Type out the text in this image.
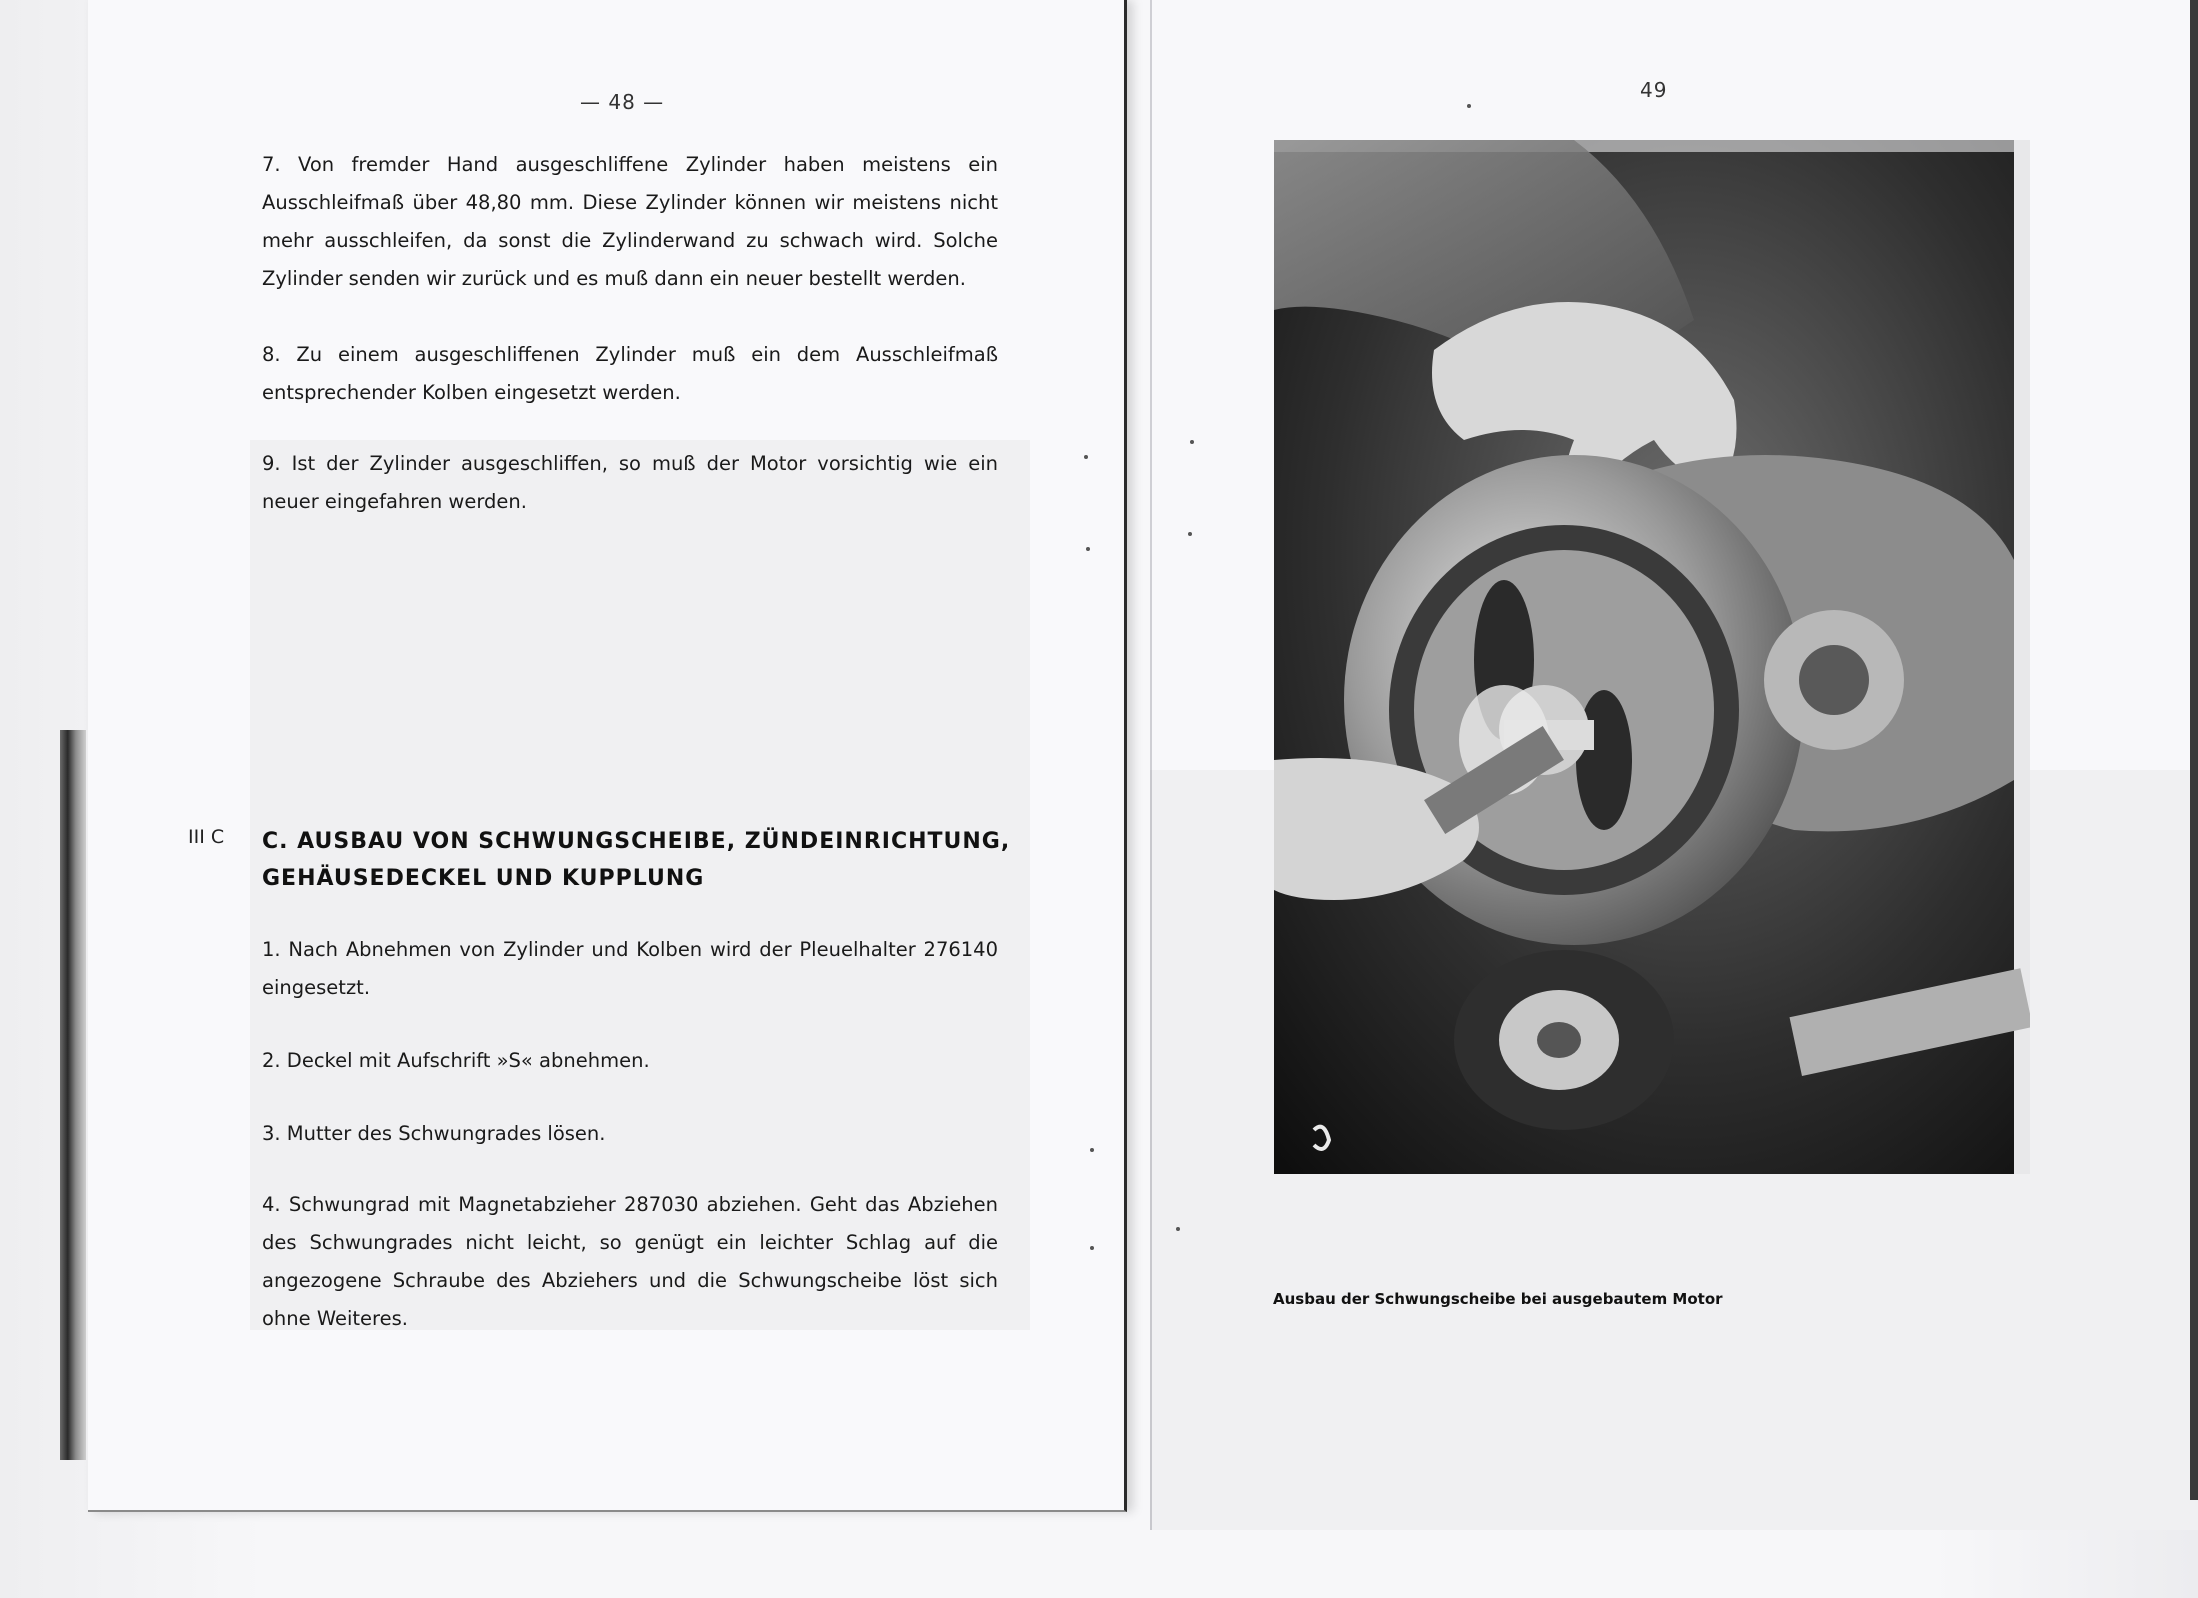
— 48 —
7. Von fremder Hand ausgeschliffene Zylinder haben meistens ein Ausschleifmaß über 48,80 mm. Diese Zylinder können wir meistens nicht mehr ausschleifen, da sonst die Zylinderwand zu schwach wird. Solche Zylinder senden wir zurück und es muß dann ein neuer bestellt werden.
8. Zu einem ausgeschliffenen Zylinder muß ein dem Ausschleifmaß entsprechender Kolben eingesetzt werden.
9. Ist der Zylinder ausgeschliffen, so muß der Motor vorsichtig wie ein neuer eingefahren werden.
III C C. AUSBAU VON SCHWUNGSCHEIBE, ZÜNDEINRICHTUNG,
GEHÄUSEDECKEL UND KUPPLUNG
1. Nach Abnehmen von Zylinder und Kolben wird der Pleuelhalter 276140 eingesetzt.
2. Deckel mit Aufschrift »S« abnehmen.
3. Mutter des Schwungrades lösen.
4. Schwungrad mit Magnetabzieher 287030 abziehen. Geht das Abziehen des Schwungrades nicht leicht, so genügt ein leichter Schlag auf die angezogene Schraube des Abziehers und die Schwungscheibe löst sich ohne Weiteres.
49
Ausbau der Schwungscheibe bei ausgebautem Motor
